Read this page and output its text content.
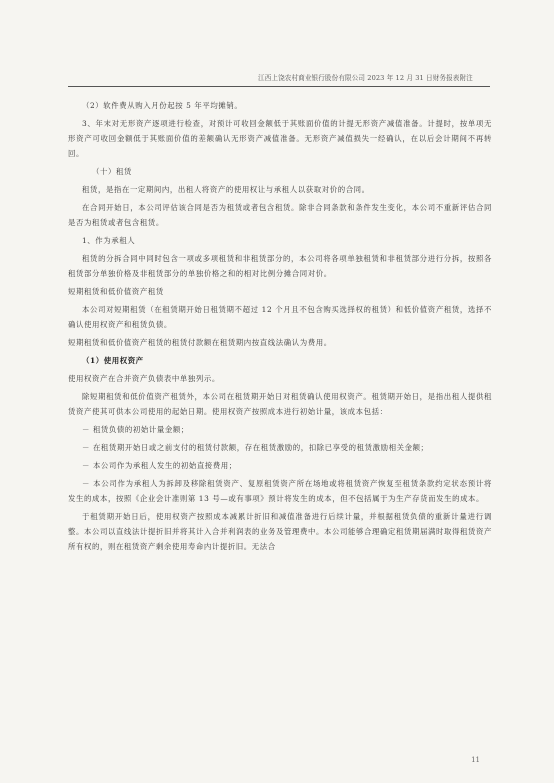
江西上饶农村商业银行股份有限公司 2023 年 12 月 31 日财务报表附注

（2）软件费从购入月份起按 5 年平均摊销。

3、年末对无形资产逐项进行检查，对预计可收回金额低于其账面价值的计提无形资产减值准备。计提时，按单项无形资产可收回金额低于其账面价值的差额确认无形资产减值准备。无形资产减值损失一经确认，在以后会计期间不再转回。

（十）租赁

租赁，是指在一定期间内，出租人将资产的使用权让与承租人以获取对价的合同。

在合同开始日，本公司评估该合同是否为租赁或者包含租赁。除非合同条款和条件发生变化，本公司不重新评估合同是否为租赁或者包含租赁。

1、作为承租人

租赁的分拆合同中同时包含一项或多项租赁和非租赁部分的，本公司将各项单独租赁和非租赁部分进行分拆，按照各租赁部分单独价格及非租赁部分的单独价格之和的相对比例分摊合同对价。

短期租赁和低价值资产租赁

本公司对短期租赁（在租赁期开始日租赁期不超过 12 个月且不包含购买选择权的租赁）和低价值资产租赁，选择不确认使用权资产和租赁负债。

短期租赁和低价值资产租赁的租赁付款额在租赁期内按直线法确认为费用。

（1）使用权资产

使用权资产在合并资产负债表中单独列示。

除短期租赁和低价值资产租赁外，本公司在租赁期开始日对租赁确认使用权资产。租赁期开始日，是指出租人提供租赁资产使其可供本公司使用的起始日期。使用权资产按照成本进行初始计量，该成本包括：

－ 租赁负债的初始计量金额；

－ 在租赁期开始日或之前支付的租赁付款额，存在租赁激励的，扣除已享受的租赁激励相关金额；

－ 本公司作为承租人发生的初始直接费用；

－ 本公司作为承租人为拆卸及移除租赁资产、复原租赁资产所在场地或将租赁资产恢复至租赁条款约定状态预计将发生的成本，按照《企业会计准则第 13 号—或有事项》预计将发生的成本，但不包括属于为生产存货而发生的成本。

于租赁期开始日后，使用权资产按照成本减累计折旧和减值准备进行后续计量，并根据租赁负债的重新计量进行调整。本公司以直线法计提折旧并将其计入合并利润表的业务及管理费中。本公司能够合理确定租赁期届满时取得租赁资产所有权的，则在租赁资产剩余使用寿命内计提折旧。无法合

11
